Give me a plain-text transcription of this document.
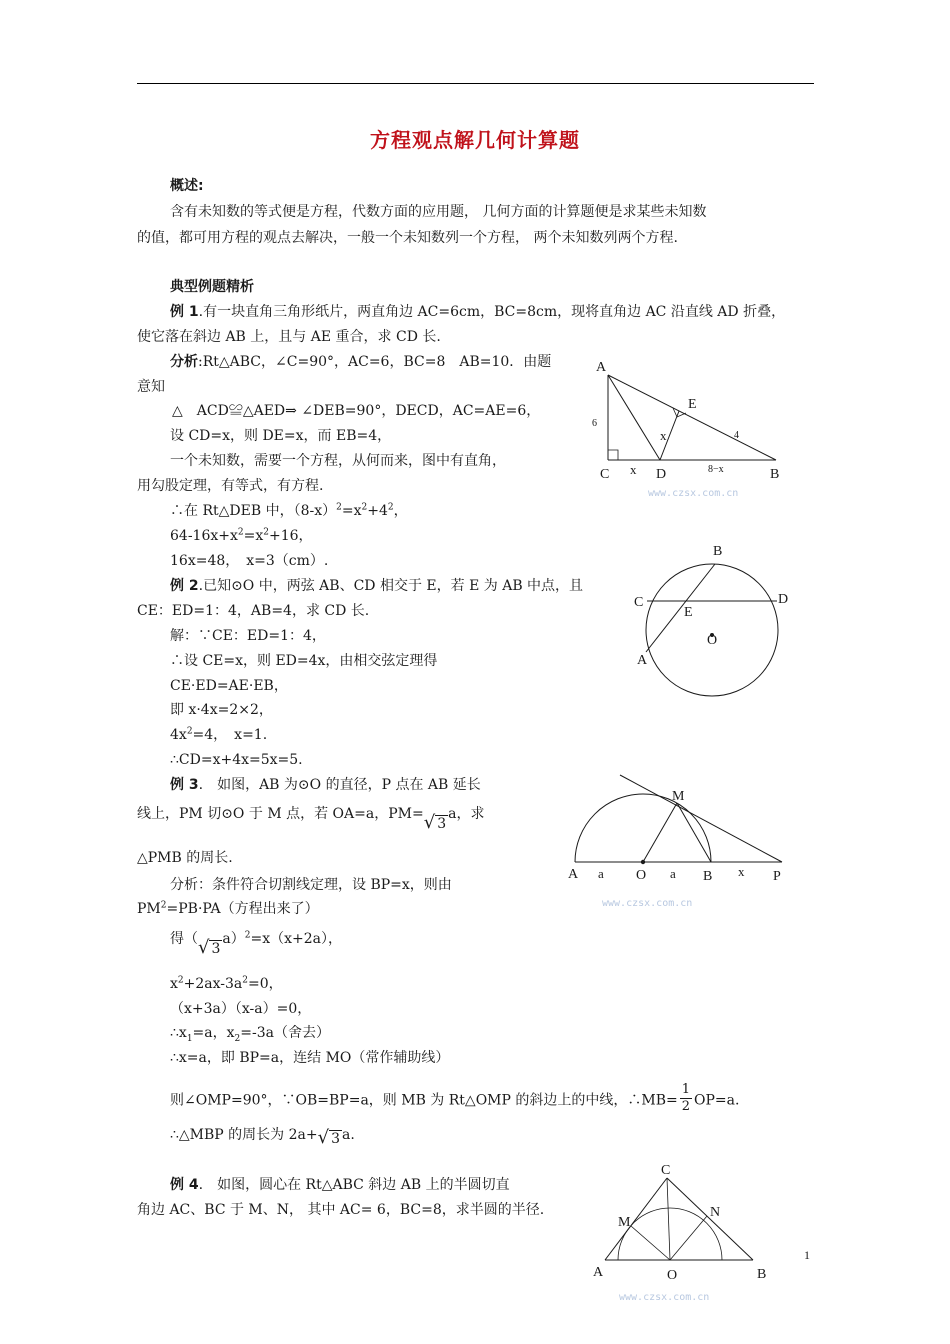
方程观点解几何计算题
概述:
含有未知数的等式便是方程，代数方面的应用题， 几何方面的计算题便是求某些未知数
的值，都可用方程的观点去解决，一般一个未知数列一个方程， 两个未知数列两个方程.
典型例题精析
例 1.有一块直角三角形纸片，两直角边 AC=6cm，BC=8cm，现将直角边 AC 沿直线 AD 折叠，
使它落在斜边 AB 上，且与 AE 重合，求 CD 长.
分析:Rt△ABC，∠C=90°，AC=6，BC=8　AB=10．由题
意知
△　ACD≌△AED⇒ ∠DEB=90°，DECD，AC=AE=6，
设 CD=x，则 DE=x，而 EB=4，
一个未知数，需要一个方程，从何而来，图中有直角，
用勾股定理，有等式，有方程.
∴在 Rt△DEB 中，$(8-x)^2=x^2+4^2$，
$64-16x+x^2=x^2+16$，
16x=48，　x=3（cm）.
A
B
C	D
E
x
x
6
4
8−x
www.czsx.com.cn
例 2.已知⊙O 中，两弦 AB、CD 相交于 E，若 E 为 AB 中点，且
CE：ED=1：4，AB=4，求 CD 长.
解：∵CE：ED=1：4，
∴设 CE=x，则 ED=4x，由相交弦定理得
CE·ED=AE·EB，
即 x·4x=2×2，
$4x^2=4$，　x=1.
∴CD=x+4x=5x=5.
B
C	D
E
O
A
例 3.　如图，AB 为⊙O 的直径，P 点在 AB 延长
线上，PM 切⊙O 于 M 点，若 OA=a，PM=√ 3a，求
△PMB 的周长.
分析：条件符合切割线定理，设 BP=x，则由
$PM^2=PB\cdot PA$（方程出来了）
得（√ 3a）$^2$=x（x+2a），
$x^2+2ax-3a^2=0$，
（x+3a）（x-a）=0，
$\therefore x_1=a$，$x_2=-3a$（舍去）
∴x=a，即 BP=a，连结 MO（常作辅助线）
则∠OMP=90°，∵OB=BP=a，则 MB 为 Rt△OMP 的斜边上的中线，∴MB= $\frac{1}{2} OP=a$.
∴△MBP 的周长为 2a+√ 3 a.
M
A a O a B x P
www.czsx.com.cn
例 4.　如图，圆心在 Rt△ABC 斜边 AB 上的半圆切直
角边 AC、BC 于 M、N， 其中 AC= 6，BC=8，求半圆的半径.
C
M
N
A	O	B
www.czsx.com.cn
1
